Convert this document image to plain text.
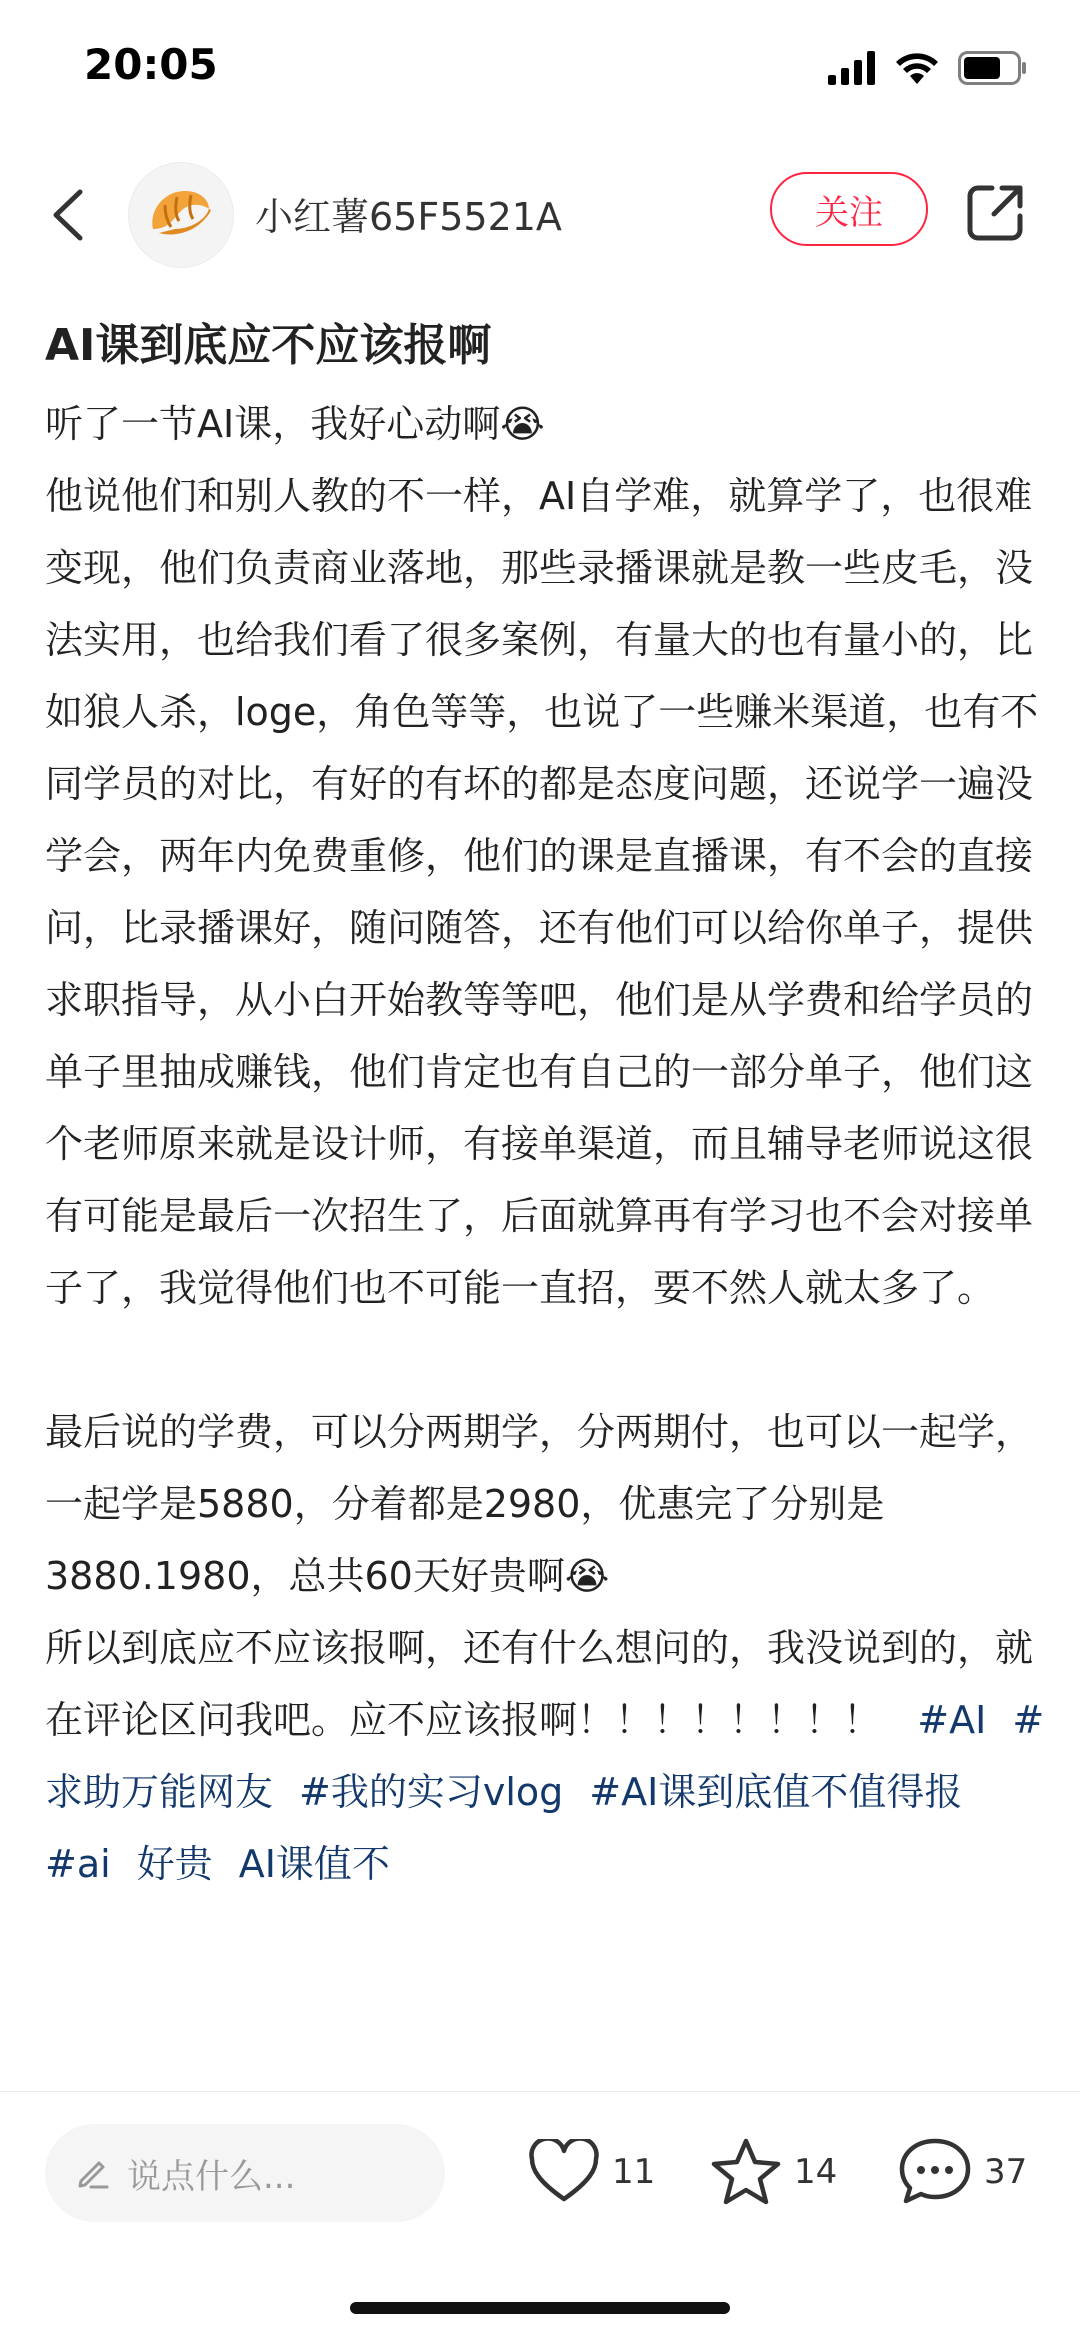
20:05
小红薯65F5521A	关注
AI课到底应不应该报啊
听了一节AI课，我好心动啊😭
他说他们和别人教的不一样，AI自学难，就算学了，也很难变现，他们负责商业落地，那些录播课就是教一些皮毛，没法实用，也给我们看了很多案例，有量大的也有量小的，比如狼人杀，loge，角色等等，也说了一些赚米渠道，也有不同学员的对比，有好的有坏的都是态度问题，还说学一遍没学会，两年内免费重修，他们的课是直播课，有不会的直接问，比录播课好，随问随答，还有他们可以给你单子，提供求职指导，从小白开始教等等吧，他们是从学费和给学员的单子里抽成赚钱，他们肯定也有自己的一部分单子，他们这个老师原来就是设计师，有接单渠道，而且辅导老师说这很有可能是最后一次招生了，后面就算再有学习也不会对接单子了，我觉得他们也不可能一直招，要不然人就太多了。

最后说的学费，可以分两期学，分两期付，也可以一起学，一起学是5880，分着都是2980，优惠完了分别是3880.1980，总共60天好贵啊😭
所以到底应不应该报啊，还有什么想问的，我没说到的，就在评论区问我吧。应不应该报啊！！！！！！！！ #AI #求助万能网友 #我的实习vlog #AI课到底值不值得报#ai 好贵 AI课值不
说点什么...	11	14	37
